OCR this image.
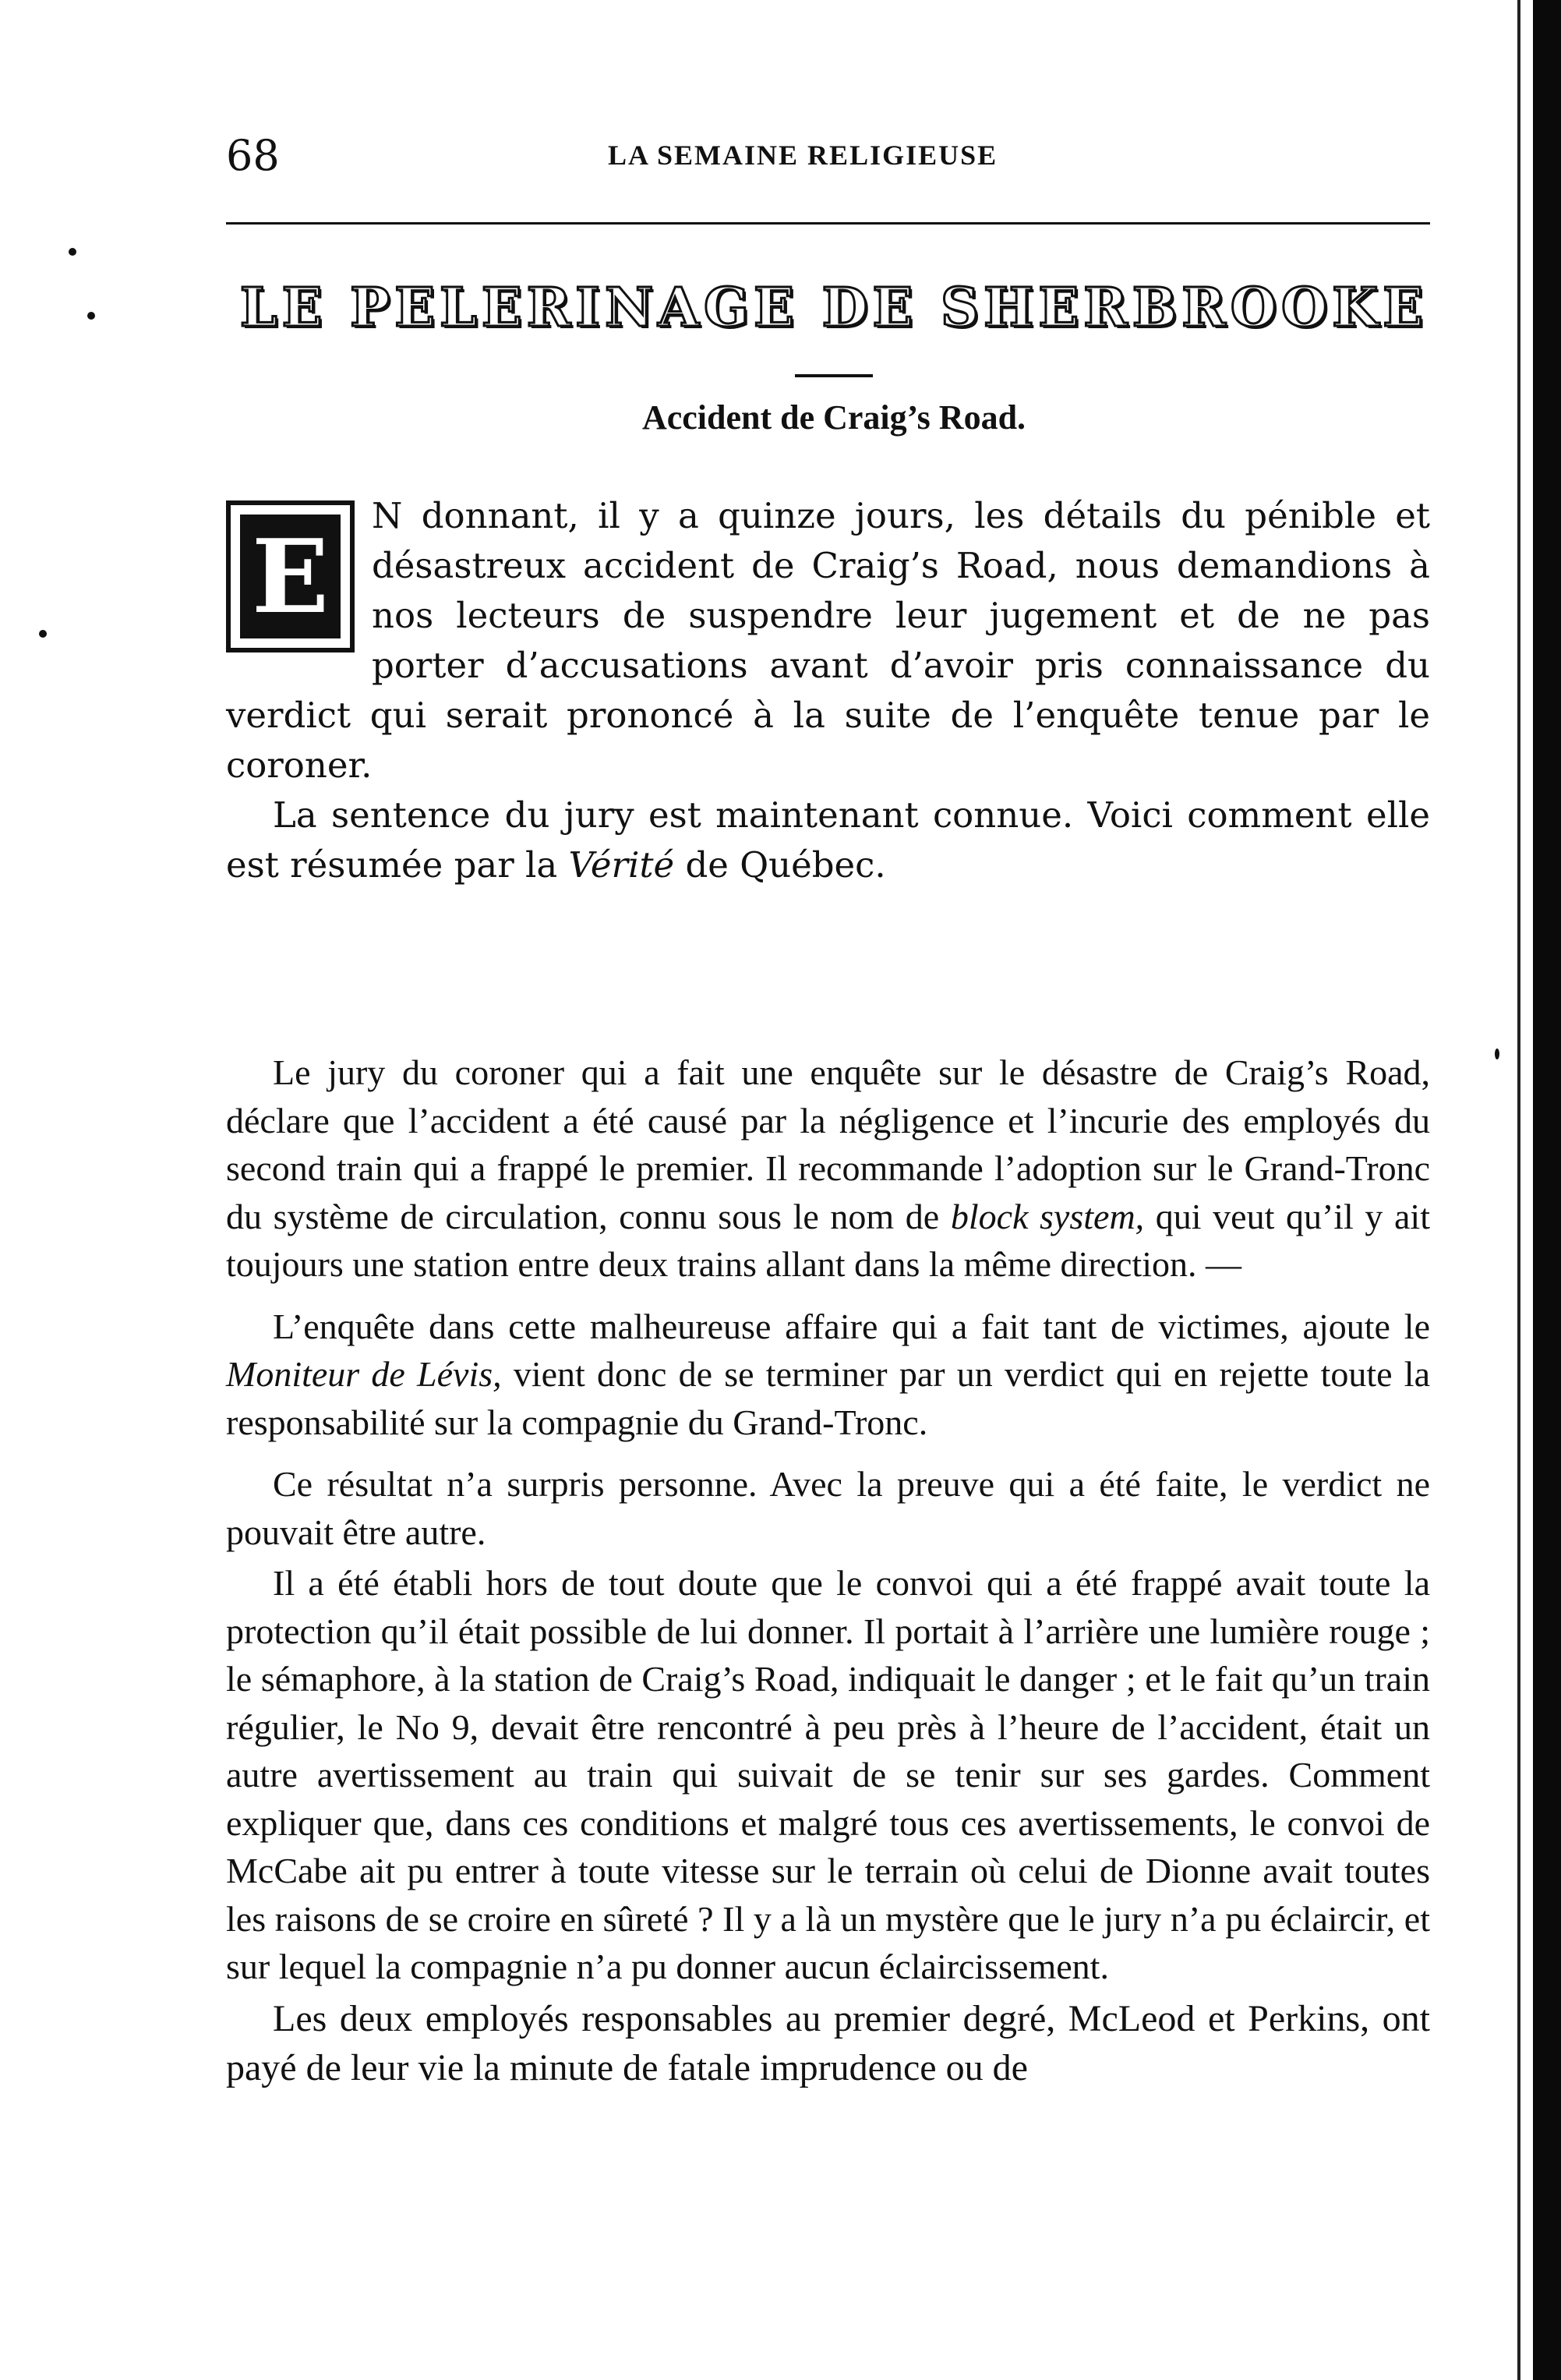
68	LA SEMAINE RELIGIEUSE
LE PELERINAGE DE SHERBROOKE
Accident de Craig’s Road.
E

N donnant, il y a quinze jours, les détails du pénible et désastreux accident de Craig’s Road, nous demandions à nos lecteurs de suspendre leur jugement et de ne pas porter d’accusations avant d’avoir pris connaissance du verdict qui serait prononcé à la suite de l’enquête tenue par le coroner.

La sentence du jury est maintenant connue. Voici comment elle est résumée par la Vérité de Québec.

Le jury du coroner qui a fait une enquête sur le désastre de Craig’s Road, déclare que l’accident a été causé par la négligence et l’incurie des employés du second train qui a frappé le premier. Il recommande l’adoption sur le Grand-Tronc du système de circulation, connu sous le nom de block system, qui veut qu’il y ait toujours une station entre deux trains allant dans la même direction. —

L’enquête dans cette malheureuse affaire qui a fait tant de victimes, ajoute le Moniteur de Lévis, vient donc de se terminer par un verdict qui en rejette toute la responsabilité sur la compagnie du Grand-Tronc.

Ce résultat n’a surpris personne. Avec la preuve qui a été faite, le verdict ne pouvait être autre.

Il a été établi hors de tout doute que le convoi qui a été frappé avait toute la protection qu’il était possible de lui donner. Il portait à l’arrière une lumière rouge ; le sémaphore, à la station de Craig’s Road, indiquait le danger ; et le fait qu’un train régulier, le No 9, devait être rencontré à peu près à l’heure de l’accident, était un autre avertissement au train qui suivait de se tenir sur ses gardes. Comment expliquer que, dans ces conditions et malgré tous ces avertissements, le convoi de McCabe ait pu entrer à toute vitesse sur le terrain où celui de Dionne avait toutes les raisons de se croire en sûreté ? Il y a là un mystère que le jury n’a pu éclaircir, et sur lequel la compagnie n’a pu donner aucun éclaircissement.

Les deux employés responsables au premier degré, McLeod et Perkins, ont payé de leur vie la minute de fatale imprudence ou de
